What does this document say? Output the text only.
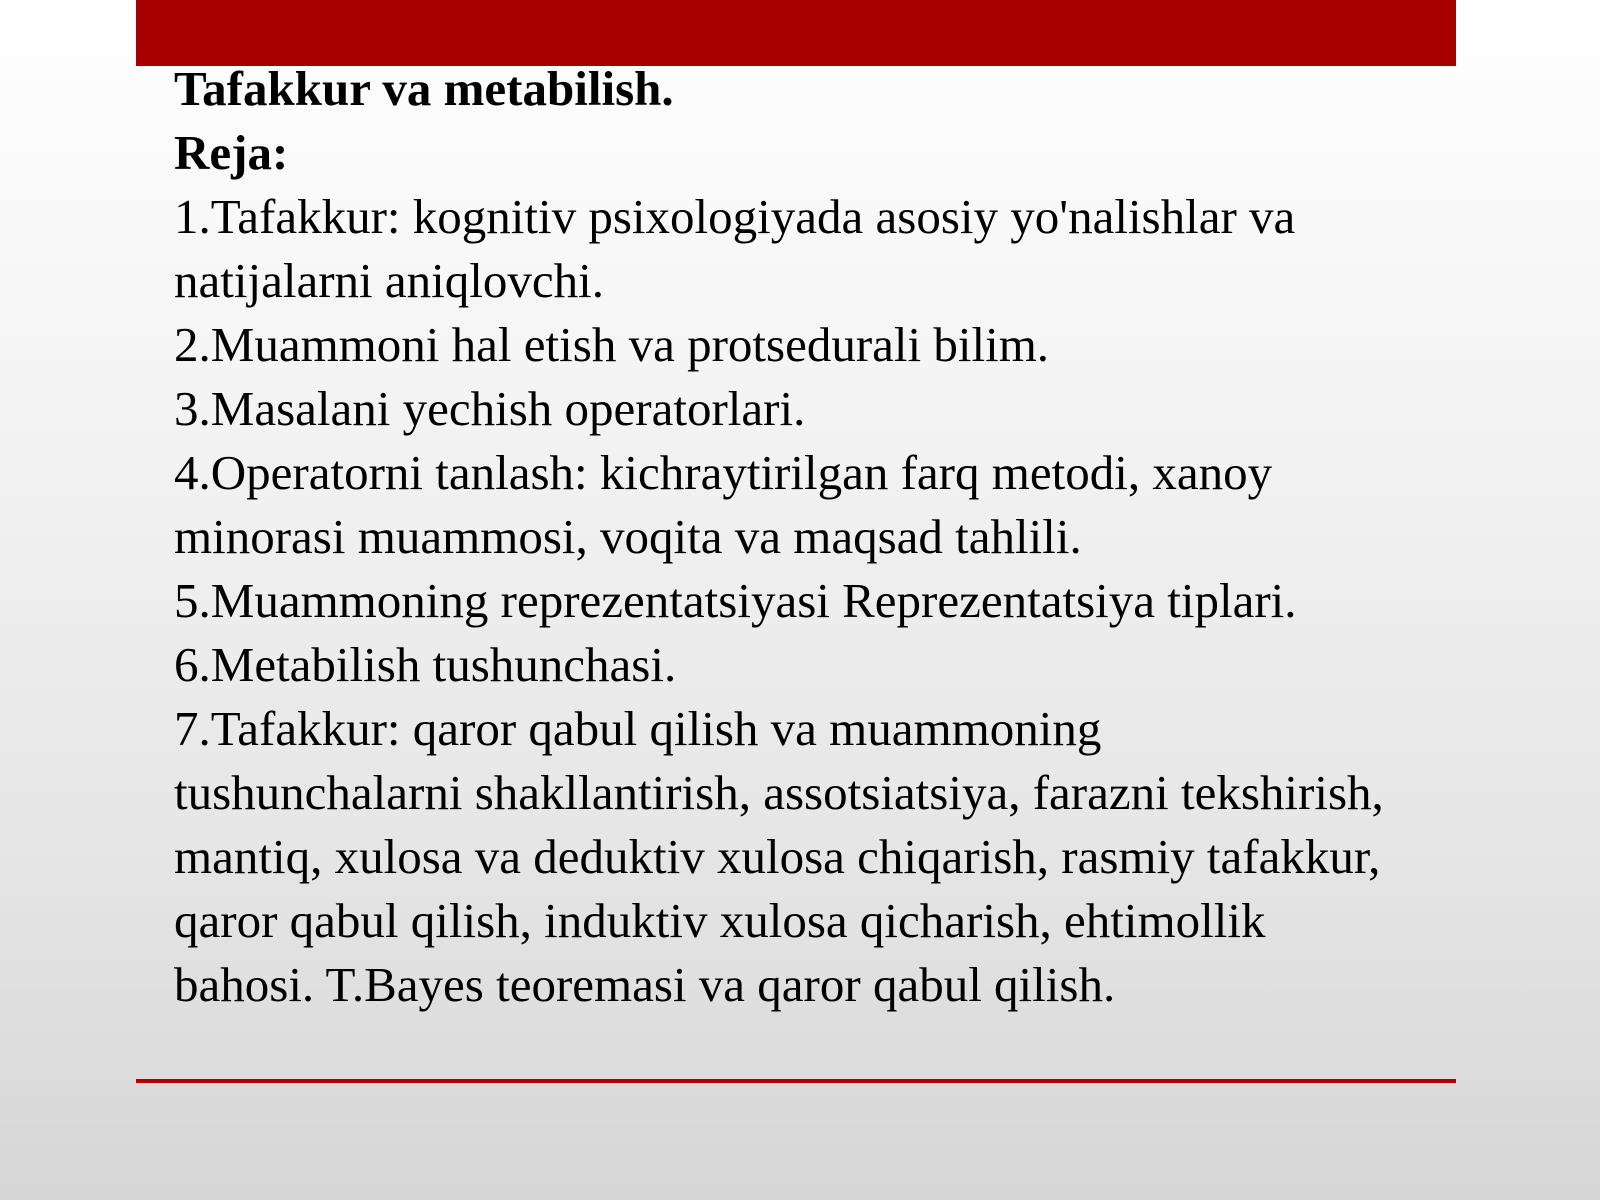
Tafakkur va metabilish.
Reja:
1.Tafakkur: kognitiv psixologiyada asosiy yo'nalishlar va
natijalarni aniqlovchi.
2.Muammoni hal etish va protsedurali bilim.
3.Masalani yechish operatorlari.
4.Operatorni tanlash: kichraytirilgan farq metodi, xanoy
minorasi muammosi, voqita va maqsad tahlili.
5.Muammoning reprezentatsiyasi Reprezentatsiya tiplari.
6.Metabilish tushunchasi.
7.Tafakkur: qaror qabul qilish va muammoning
tushunchalarni shakllantirish, assotsiatsiya, farazni tekshirish,
mantiq, xulosa va deduktiv xulosa chiqarish, rasmiy tafakkur,
qaror qabul qilish, induktiv xulosa qicharish, ehtimollik
bahosi. T.Bayes teoremasi va qaror qabul qilish.
